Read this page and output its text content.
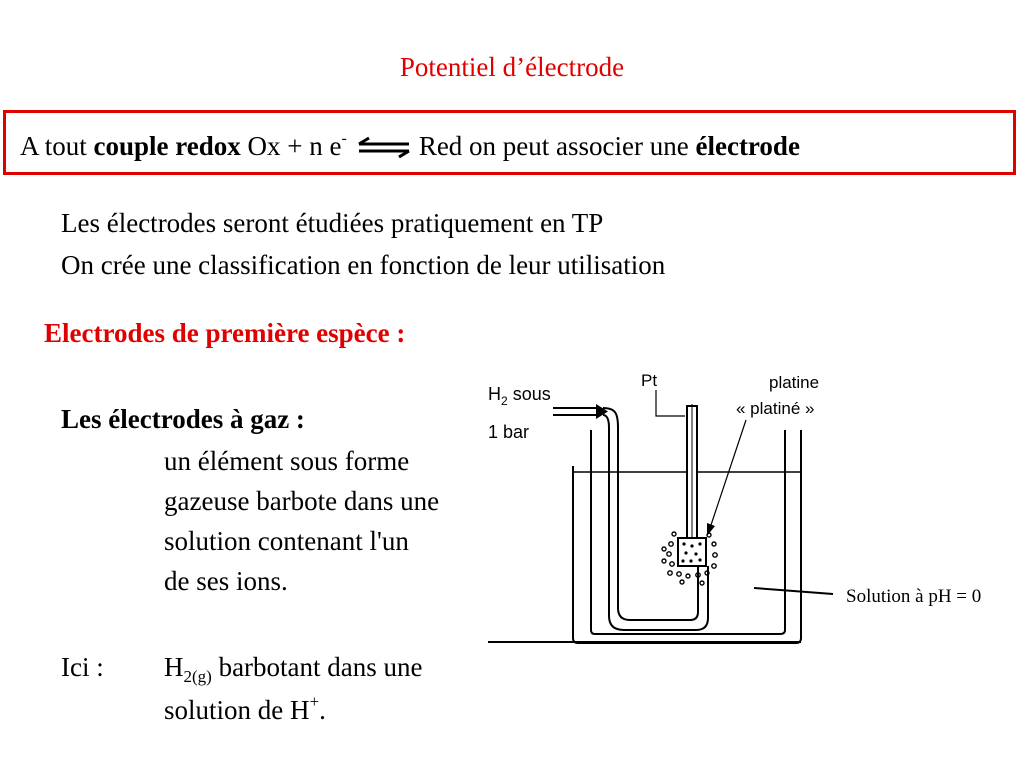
Potentiel d’électrode
A tout couple redox Ox + n e- ⇌ Red on peut associer une électrode
Les électrodes seront étudiées pratiquement en TP
On crée une classification en fonction de leur utilisation
Electrodes de première espèce :
Les électrodes à gaz :
un élément sous forme
gazeuse barbote dans une
solution contenant l'un
de ses ions.
Ici : $H_{2(g)}$ barbotant dans une
solution de H+.
$H_2$ sous
1 bar
Pt	platine
« platiné »
Solution à pH = 0
